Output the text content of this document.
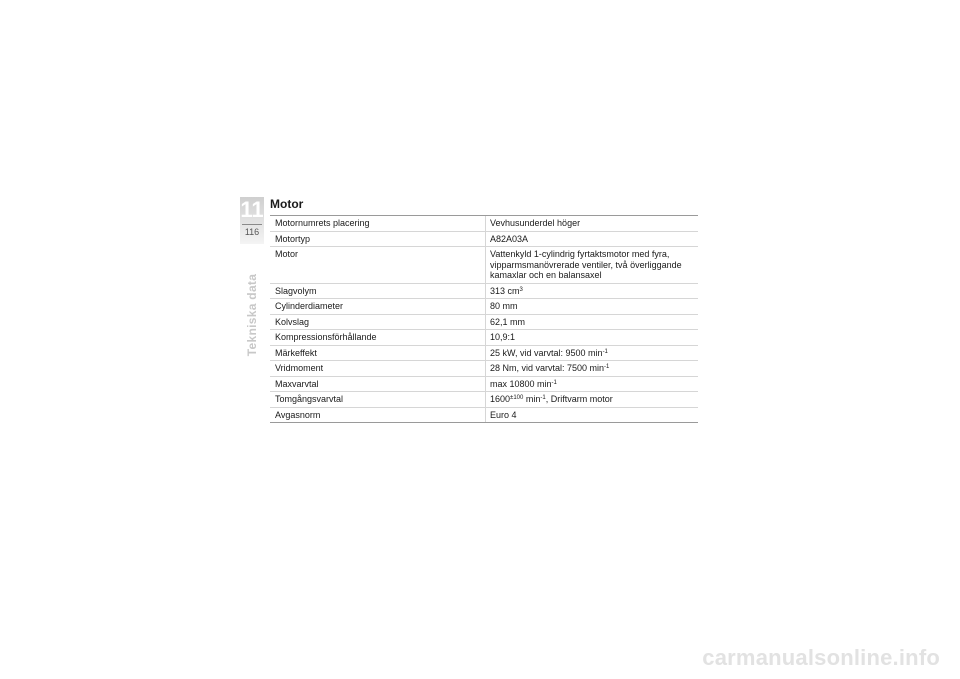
11
116
Tekniska data
Motor
Motornumrets placering	Vevhusunderdel höger
Motortyp	A82A03A
Motor	Vattenkyld 1-cylindrig fyrtaktsmotor med fyra,
vipparmsmanövrerade ventiler, två överliggande
kamaxlar och en balansaxel
Slagvolym	313 $cm^3$
Cylinderdiameter	80 mm
Kolvslag	62,1 mm
Kompressionsförhållande	10,9:1
Märkeffekt	25 kW, vid varvtal: 9500 $\min^{-1}$
Vridmoment	28 Nm, vid varvtal: 7500 $\min^{-1}$
Maxvarvtal	max 10800 $\min^{-1}$
Tomgångsvarvtal	$1600^{\pm 100}$ $\min^{-1}$, Driftvarm motor
Avgasnorm	Euro 4
carmanualsonline.info
